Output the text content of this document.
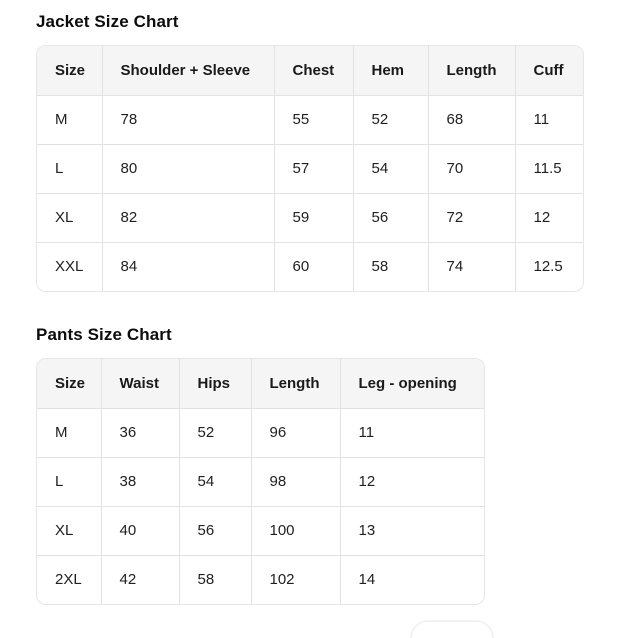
Jacket Size Chart
Size	Shoulder + Sleeve	Chest	Hem	Length	Cuff
M	78	55	52	68	11
L	80	57	54	70	11.5
XL	82	59	56	72	12
XXL	84	60	58	74	12.5
Pants Size Chart
Size	Waist	Hips	Length	Leg - opening
M	36	52	96	11
L	38	54	98	12
XL	40	56	100	13
2XL	42	58	102	14
